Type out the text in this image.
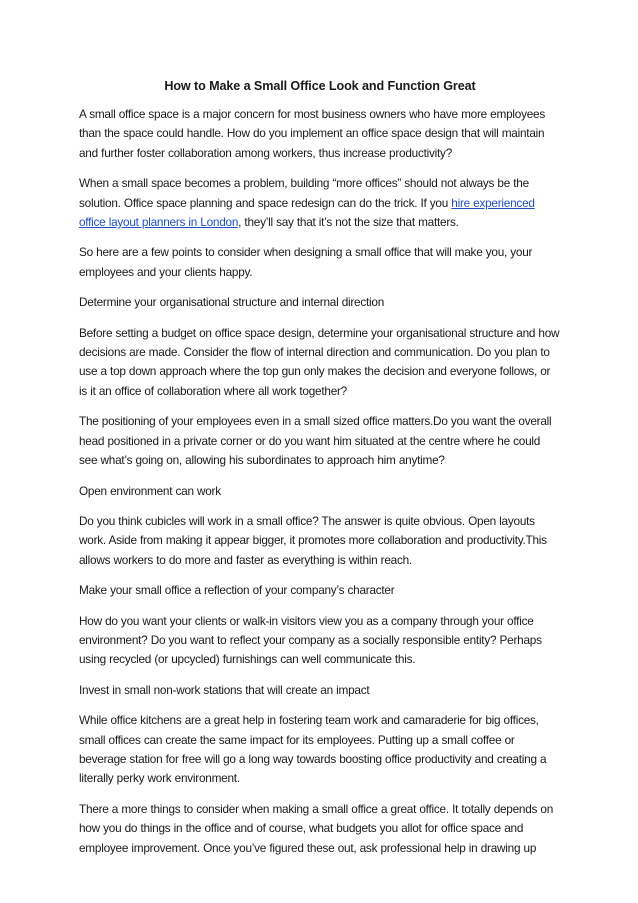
How to Make a Small Office Look and Function Great

A small office space is a major concern for most business owners who have more employees than the space could handle. How do you implement an office space design that will maintain and further foster collaboration among workers, thus increase productivity?

When a small space becomes a problem, building “more offices” should not always be the solution. Office space planning and space redesign can do the trick. If you hire experienced office layout planners in London, they’ll say that it’s not the size that matters.

So here are a few points to consider when designing a small office that will make you, your employees and your clients happy.

Determine your organisational structure and internal direction

Before setting a budget on office space design, determine your organisational structure and how decisions are made. Consider the flow of internal direction and communication. Do you plan to use a top down approach where the top gun only makes the decision and everyone follows, or is it an office of collaboration where all work together?

The positioning of your employees even in a small sized office matters.Do you want the overall head positioned in a private corner or do you want him situated at the centre where he could see what’s going on, allowing his subordinates to approach him anytime?

Open environment can work

Do you think cubicles will work in a small office? The answer is quite obvious. Open layouts work. Aside from making it appear bigger, it promotes more collaboration and productivity.This allows workers to do more and faster as everything is within reach.

Make your small office a reflection of your company’s character

How do you want your clients or walk-in visitors view you as a company through your office environment? Do you want to reflect your company as a socially responsible entity? Perhaps using recycled (or upcycled) furnishings can well communicate this.

Invest in small non-work stations that will create an impact

While office kitchens are a great help in fostering team work and camaraderie for big offices, small offices can create the same impact for its employees. Putting up a small coffee or beverage station for free will go a long way towards boosting office productivity and creating a literally perky work environment.

There a more things to consider when making a small office a great office. It totally depends on how you do things in the office and of course, what budgets you allot for office space and employee improvement. Once you’ve figured these out, ask professional help in drawing up
